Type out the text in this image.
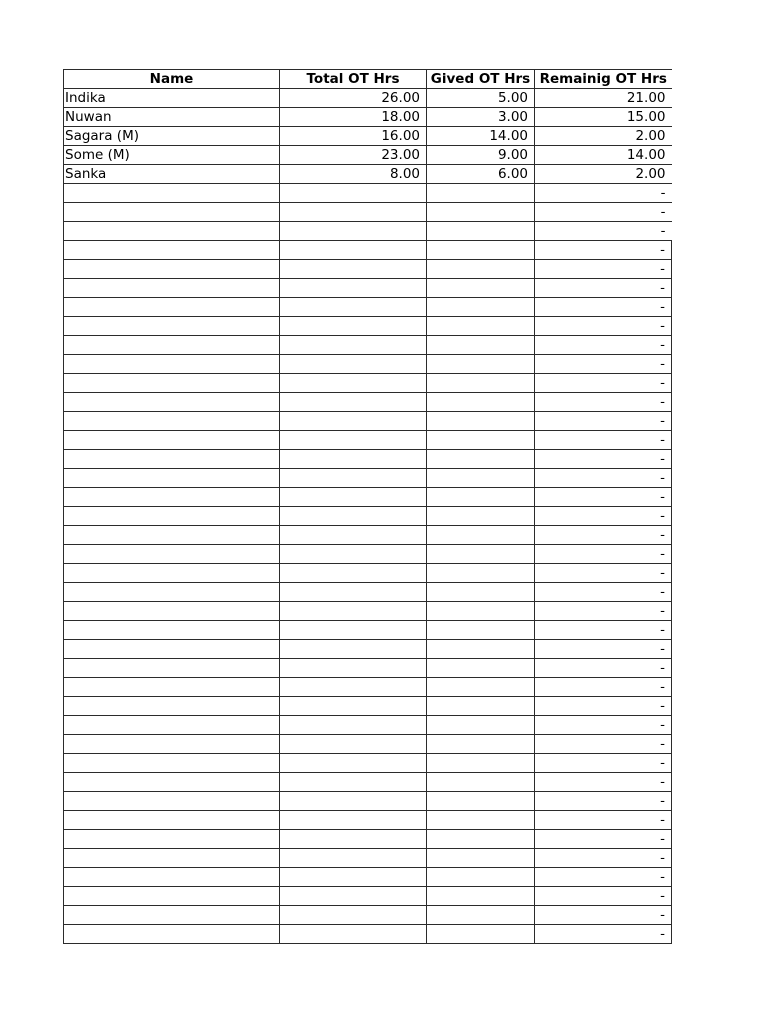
Name	Total OT Hrs	Gived OT Hrs	Remainig OT Hrs
Indika	26.00	5.00	21.00
Nuwan	18.00	3.00	15.00
Sagara (M)	16.00	14.00	2.00
Some (M)	23.00	9.00	14.00
Sanka	8.00	6.00	2.00
			-
			-
			-
			-
			-
			-
			-
			-
			-
			-
			-
			-
			-
			-
			-
			-
			-
			-
			-
			-
			-
			-
			-
			-
			-
			-
			-
			-
			-
			-
			-
			-
			-
			-
			-
			-
			-
			-
			-
			-
